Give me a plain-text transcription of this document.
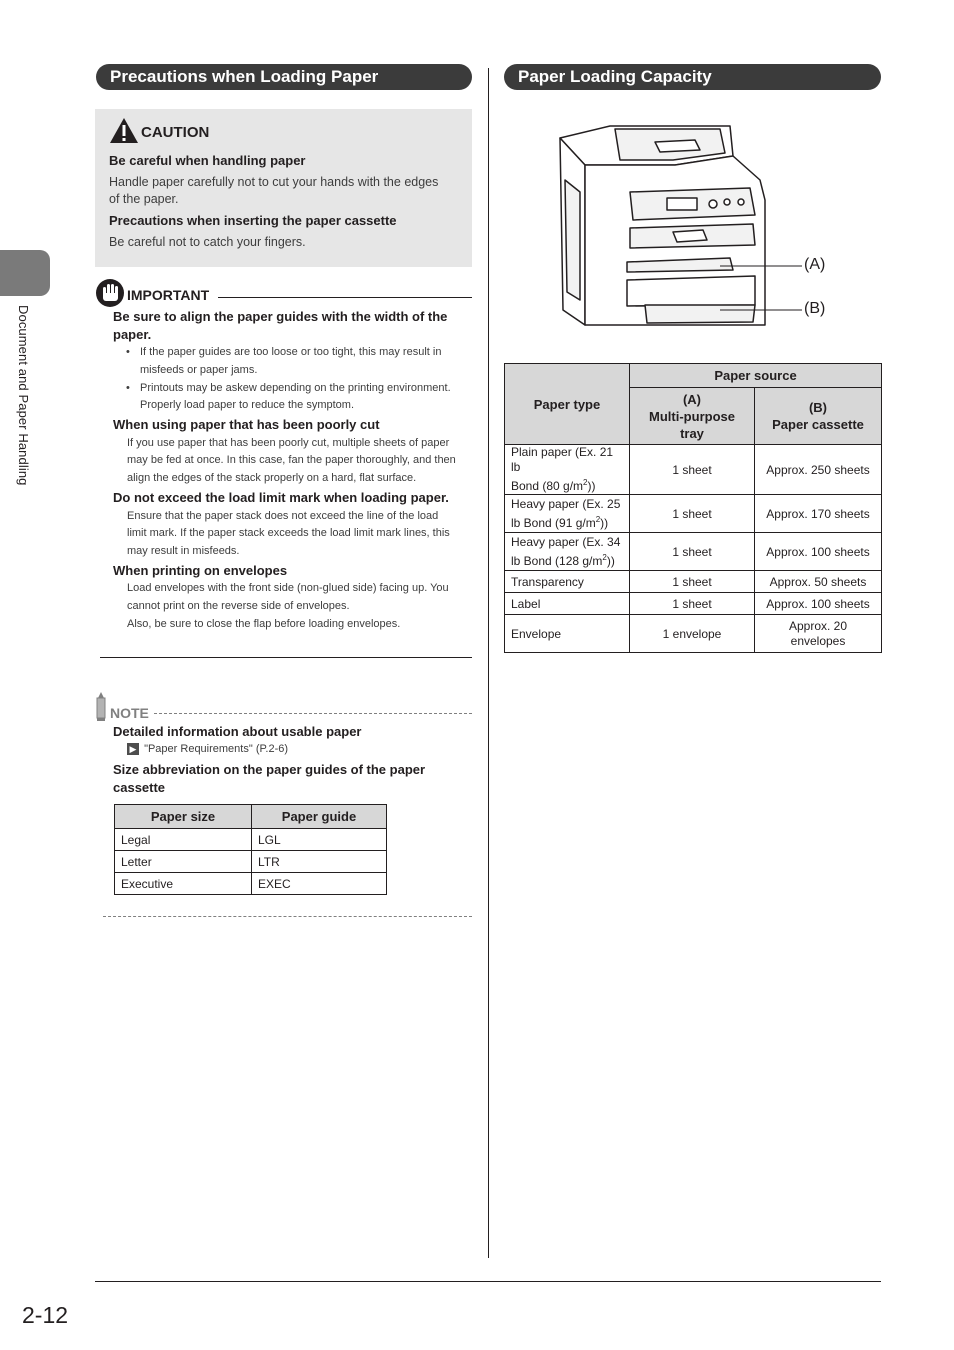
Document and Paper Handling
2-12
Precautions when Loading Paper
CAUTION
Be careful when handling paper
Handle paper carefully not to cut your hands with the edges
of the paper.
Precautions when inserting the paper cassette
Be careful not to catch your fingers.
IMPORTANT
Be sure to align the paper guides with the width of the
paper.
• If the paper guides are too loose or too tight, this may result in
misfeeds or paper jams.
• Printouts may be askew depending on the printing environment.
Properly load paper to reduce the symptom.
When using paper that has been poorly cut
If you use paper that has been poorly cut, multiple sheets of paper
may be fed at once. In this case, fan the paper thoroughly, and then
align the edges of the stack properly on a hard, flat surface.
Do not exceed the load limit mark when loading paper.
Ensure that the paper stack does not exceed the line of the load
limit mark. If the paper stack exceeds the load limit mark lines, this
may result in misfeeds.
When printing on envelopes
Load envelopes with the front side (non-glued side) facing up. You
cannot print on the reverse side of envelopes.
Also, be sure to close the flap before loading envelopes.
NOTE
Detailed information about usable paper
▶ "Paper Requirements" (P.2-6)
Size abbreviation on the paper guides of the paper
cassette
Paper size	Paper guide
Legal	LGL
Letter	LTR
Executive	EXEC
Paper Loading Capacity
(A)
(B)
Paper type	Paper source	
	(A)
Multi-purpose
tray	(B)
Paper cassette
Plain paper (Ex. 21 lb
Bond (80 $g/m^2$))	1 sheet	Approx. 250 sheets
Heavy paper (Ex. 25
lb Bond (91 $g/m^2$))	1 sheet	Approx. 170 sheets
Heavy paper (Ex. 34
lb Bond (128 $g/m^2$))	1 sheet	Approx. 100 sheets
Transparency	1 sheet	Approx. 50 sheets
Label	1 sheet	Approx. 100 sheets
Envelope	1 envelope	Approx. 20
envelopes
